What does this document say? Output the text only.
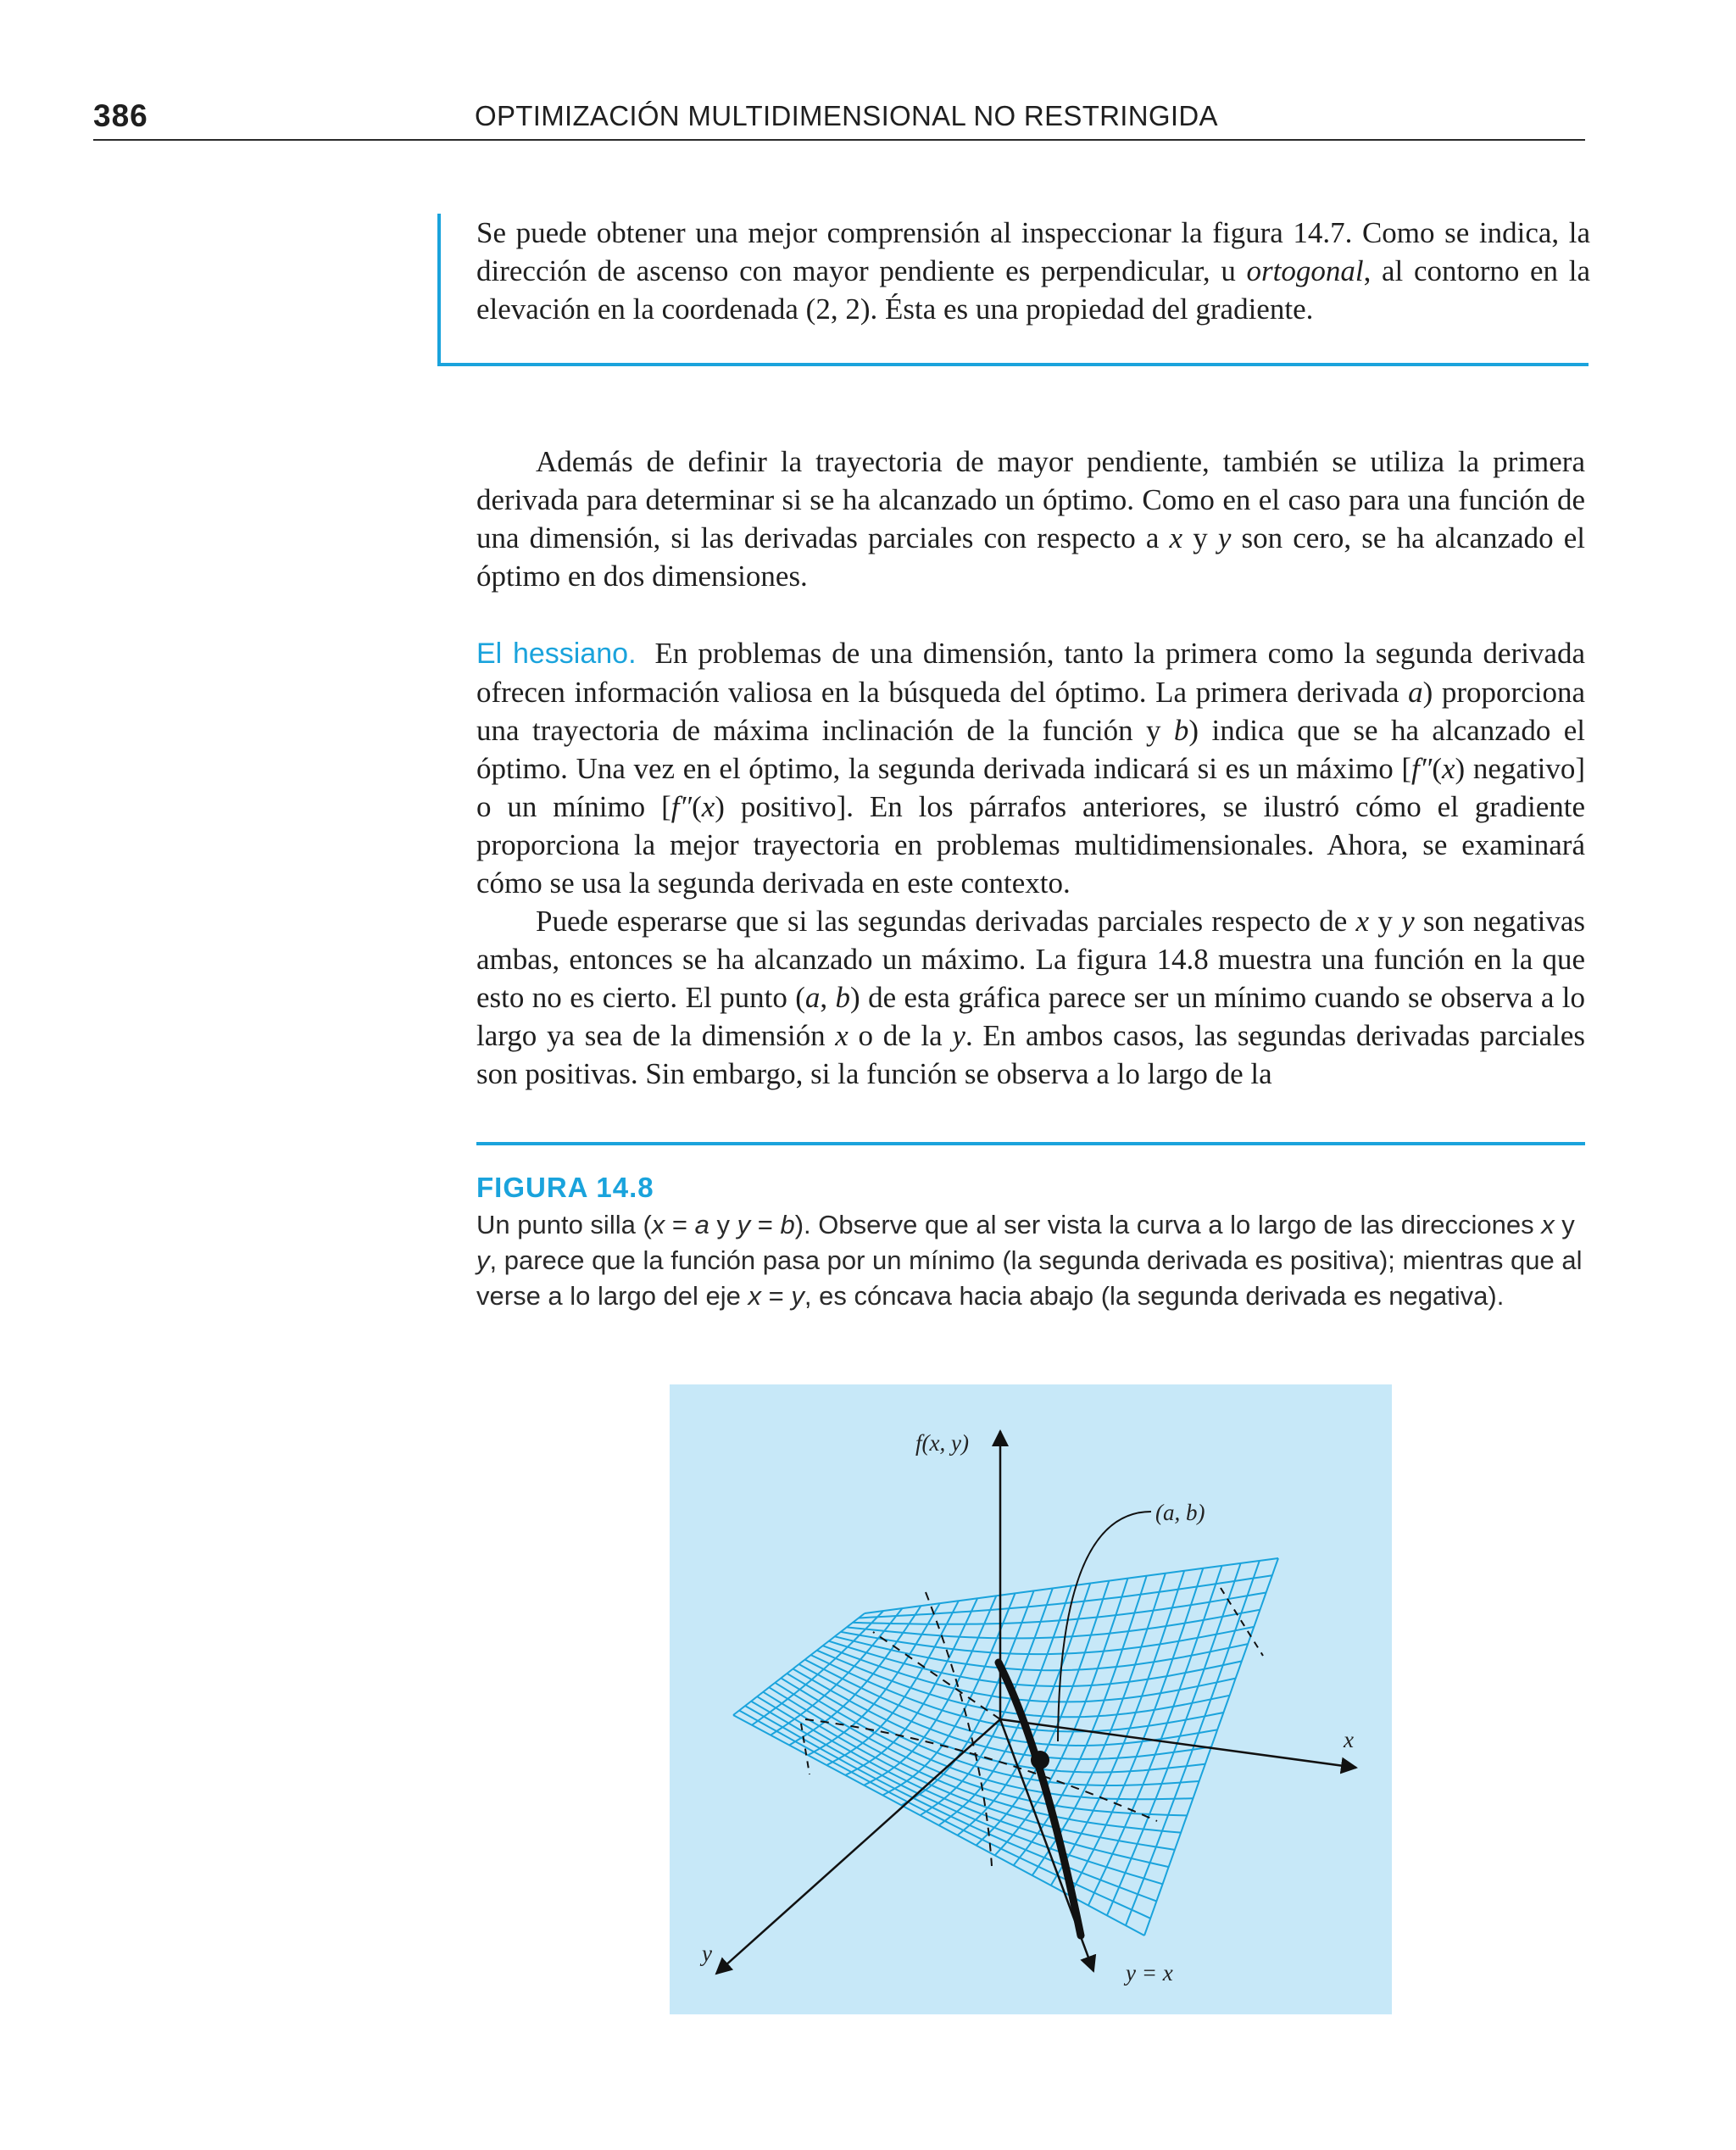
386	OPTIMIZACIÓN MULTIDIMENSIONAL NO RESTRINGIDA

Se puede obtener una mejor comprensión al inspeccionar la figura 14.7. Como se indica, la dirección de ascenso con mayor pendiente es perpendicular, u ortogonal, al contorno en la elevación en la coordenada (2, 2). Ésta es una propiedad del gradiente.

Además de definir la trayectoria de mayor pendiente, también se utiliza la primera derivada para determinar si se ha alcanzado un óptimo. Como en el caso para una función de una dimensión, si las derivadas parciales con respecto a x y y son cero, se ha alcanzado el óptimo en dos dimensiones.

El hessiano. En problemas de una dimensión, tanto la primera como la segunda derivada ofrecen información valiosa en la búsqueda del óptimo. La primera derivada a) proporciona una trayectoria de máxima inclinación de la función y b) indica que se ha alcanzado el óptimo. Una vez en el óptimo, la segunda derivada indicará si es un máximo [f″(x) negativo] o un mínimo [f″(x) positivo]. En los párrafos anteriores, se ilustró cómo el gradiente proporciona la mejor trayectoria en problemas multidimensionales. Ahora, se examinará cómo se usa la segunda derivada en este contexto.

Puede esperarse que si las segundas derivadas parciales respecto de x y y son negativas ambas, entonces se ha alcanzado un máximo. La figura 14.8 muestra una función en la que esto no es cierto. El punto (a, b) de esta gráfica parece ser un mínimo cuando se observa a lo largo ya sea de la dimensión x o de la y. En ambos casos, las segundas derivadas parciales son positivas. Sin embargo, si la función se observa a lo largo de la

FIGURA 14.8

Un punto silla (x = a y y = b). Observe que al ser vista la curva a lo largo de las direcciones x y y, parece que la función pasa por un mínimo (la segunda derivada es positiva); mientras que al verse a lo largo del eje x = y, es cóncava hacia abajo (la segunda derivada es negativa).

f(x, y)
(a, b)
x
y
y = x
